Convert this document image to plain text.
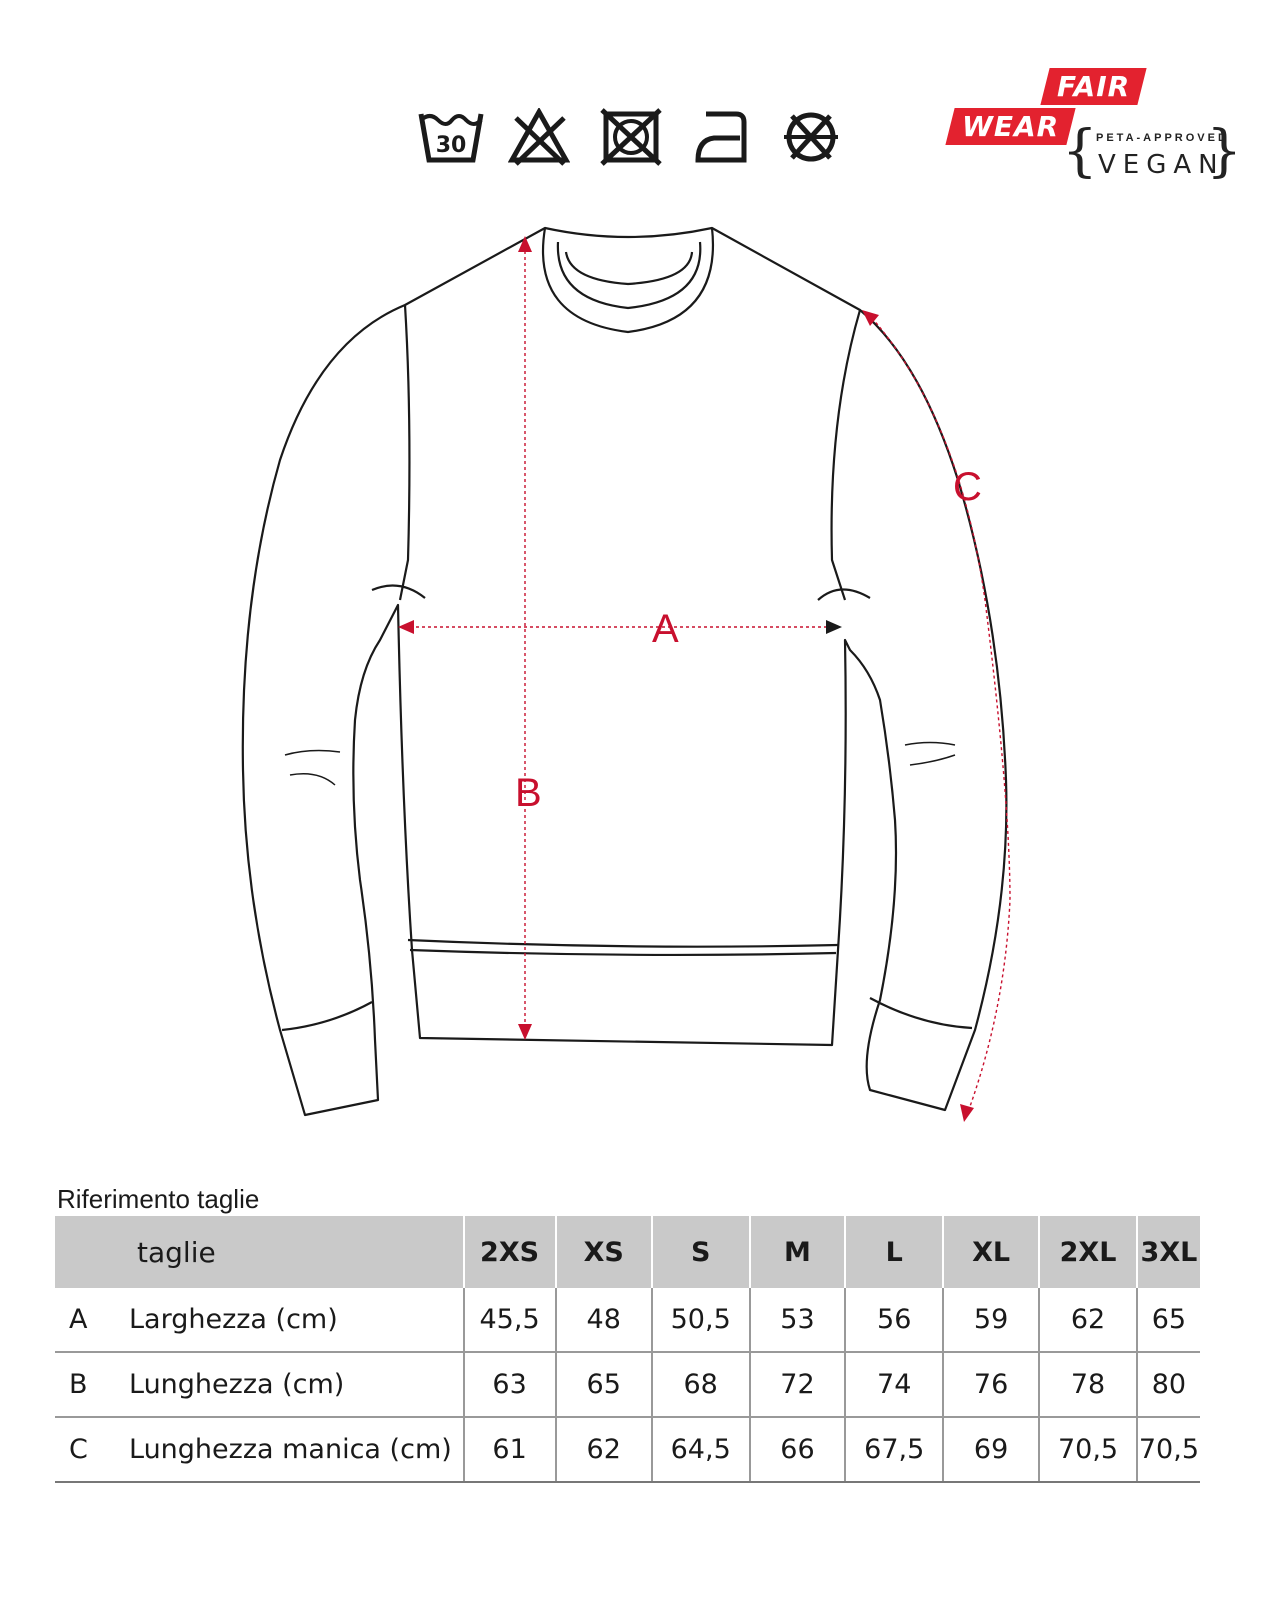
30
FAIR
WEAR {
PETA-APPROVED
VEGAN
}
A
B
C
Riferimento taglie
taglie	2XS	XS	S	M	L	XL	2XL	3XL
A Larghezza (cm)	45,5	48	50,5	53	56	59	62	65
B Lunghezza (cm)	63	65	68	72	74	76	78	80
C Lunghezza manica (cm)	61	62	64,5	66	67,5	69	70,5	70,5
